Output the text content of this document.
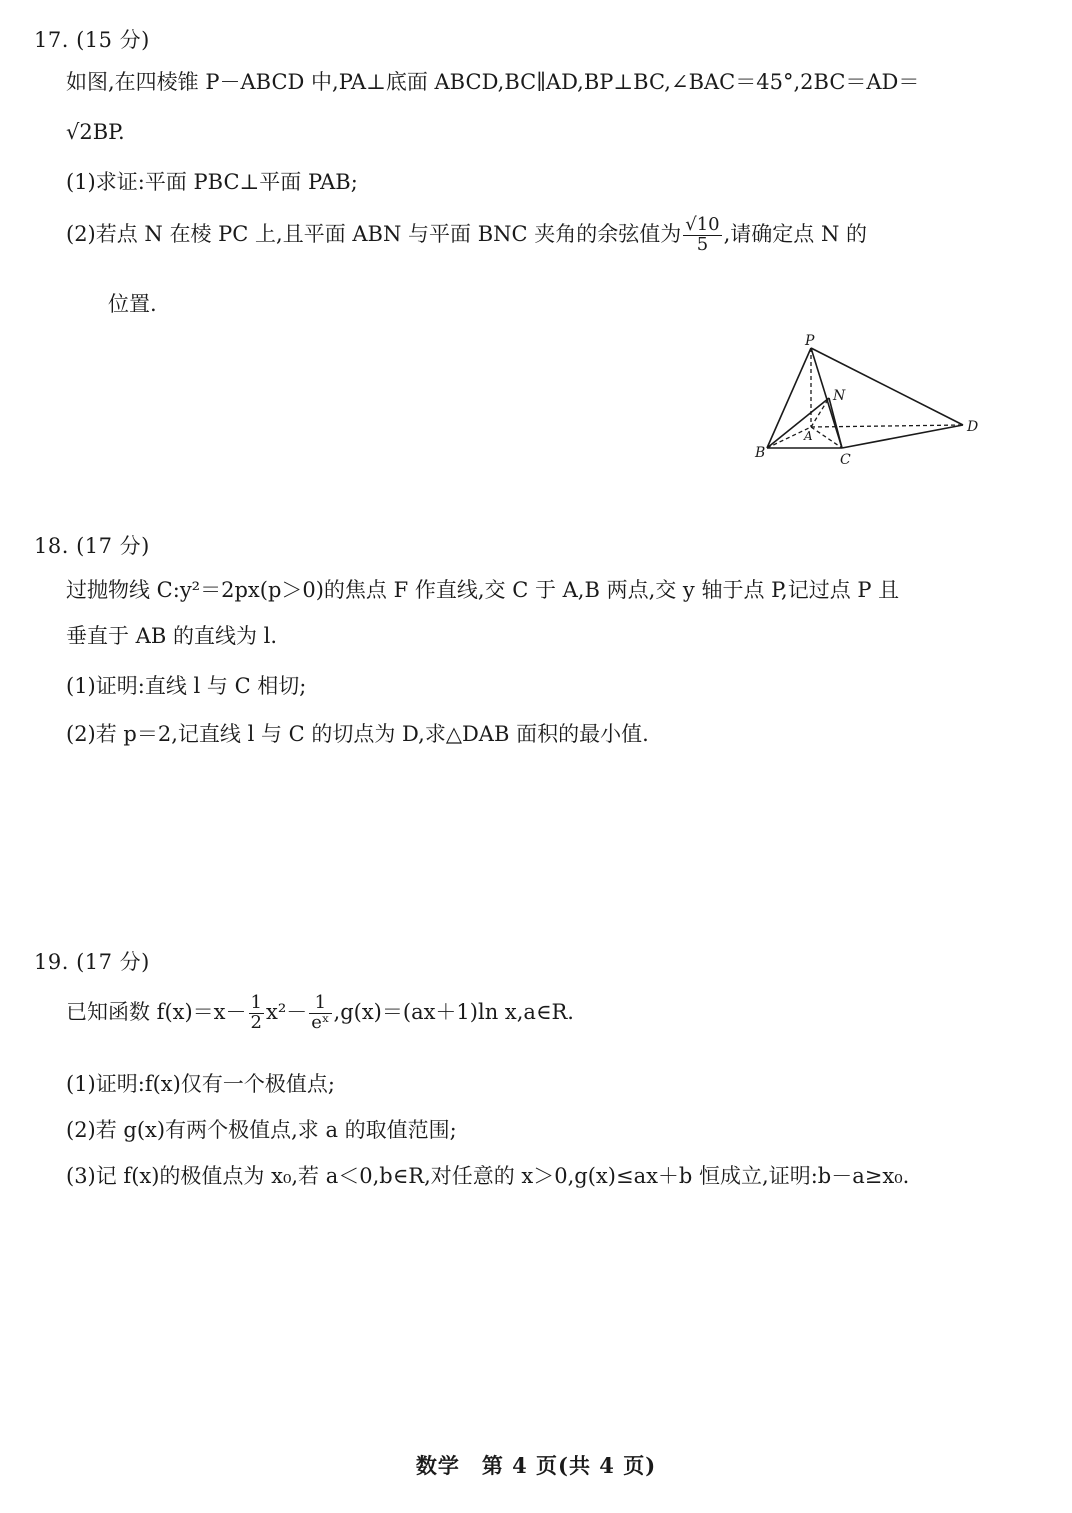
17. (15 分)
如图,在四棱锥 P－ABCD 中,PA⊥底面 ABCD,BC∥AD,BP⊥BC,∠BAC＝45°,2BC＝AD＝
√2BP.
(1)求证:平面 PBC⊥平面 PAB;
(2)若点 N 在棱 PC 上,且平面 ABN 与平面 BNC 夹角的余弦值为 $\frac{√10}{5}$ ,请确定点 N 的
位置.
P
N
A
B	C
D
18. (17 分)
过抛物线 C:y²＝2px(p＞0)的焦点 F 作直线,交 C 于 A,B 两点,交 y 轴于点 P,记过点 P 且
垂直于 AB 的直线为 l.
(1)证明:直线 l 与 C 相切;
(2)若 p＝2,记直线 l 与 C 的切点为 D,求△DAB 面积的最小值.
19. (17 分)
已知函数 $f(x)=x- \frac{1}{2} x^2- \frac{1}{\text{eˣ}} ,g(x)=(ax+1)\ln$ x,a∈R.
(1)证明:f(x)仅有一个极值点;
(2)若 g(x)有两个极值点,求 a 的取值范围;
(3)记 f(x)的极值点为 x₀,若 a＜0,b∈R,对任意的 x＞0,g(x)≤ax＋b 恒成立,证明:b－a≥x₀.
数学　第 4 页(共 4 页)
